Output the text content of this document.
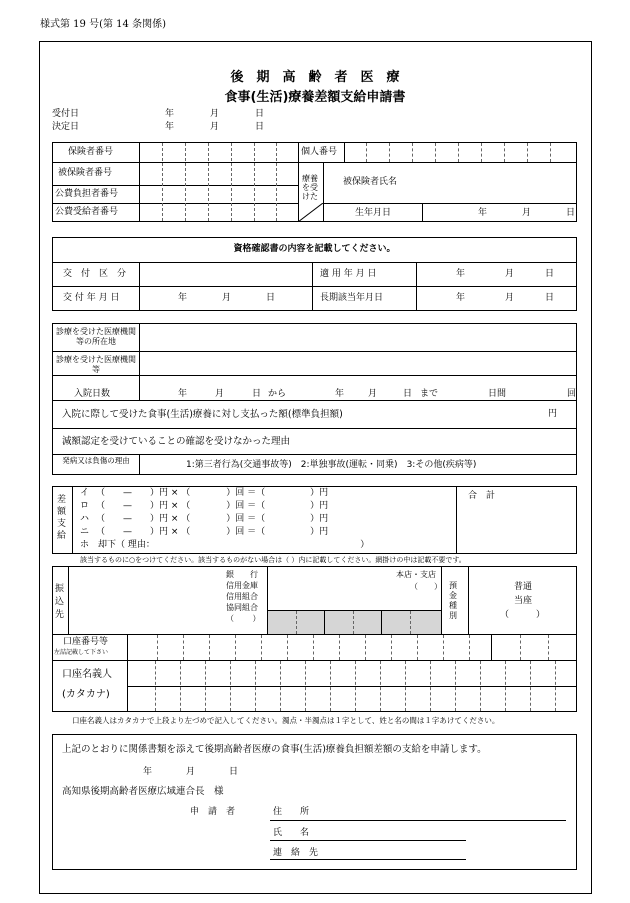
様式第 19 号(第 14 条関係)
後　期　高　齢　者　医　療
食事(生活)療養差額支給申請書
受付日	年	月	日
決定日	年	月	日
保険者番号	個人番号
被保険者番号
公費負担者番号
公費受給者番号
療養を受けた
被保険者氏名
生年月日	年	月	日
資格確認書の内容を記載してください。
交　付　区　分	適 用 年 月 日	年	月	日
交 付 年 月 日	年	月	日	長期該当年月日	年	月	日
診療を受けた医療機関等の所在地
診療を受けた医療機関等
入院日数	年	月	日 から	年	月	日 まで	日間	回
入院に際して受けた食事(生活)療養に対し支払った額(標準負担額)	円
減額認定を受けていることの確認を受けなかった理由
発病又は負傷の理由	1:第三者行為(交通事故等)　2:単独事故(運転・同乗)　3:その他(疾病等)
差額支給
イ （　　—　　）円 × （　　　　）回 ＝（　　　　　）円
ロ （　　—　　）円 × （　　　　）回 ＝（　　　　　）円
ハ （　　—　　）円 × （　　　　）回 ＝（　　　　　）円
ニ （　　—　　）円 × （　　　　）回 ＝（　　　　　）円
ホ　却下（ 理由：　　　　　　　　　　　　　　　　　　　　　　　 ）
合　計
該当するものに○をつけてください。該当するものがない場合は（ ）内に記載してください。網掛けの中は記載不要です。
振込先
銀　　行
信用金庫
信用組合
協同組合
（　　 ）
本店・支店
（　　） 預金種別
普通
当座
（　　　）
口座番号等
左詰記載して下さい
口座名義人
(カタカナ)
口座名義人はカタカナで上段より左づめで記入してください。濁点・半濁点は１字として、姓と名の間は１字あけてください。
上記のとおりに関係書類を添えて後期高齢者医療の食事(生活)療養負担額差額の支給を申請します。
年	月	日
高知県後期高齢者医療広域連合長　様
申　請　者	住　　所
氏　　名
連　絡　先
